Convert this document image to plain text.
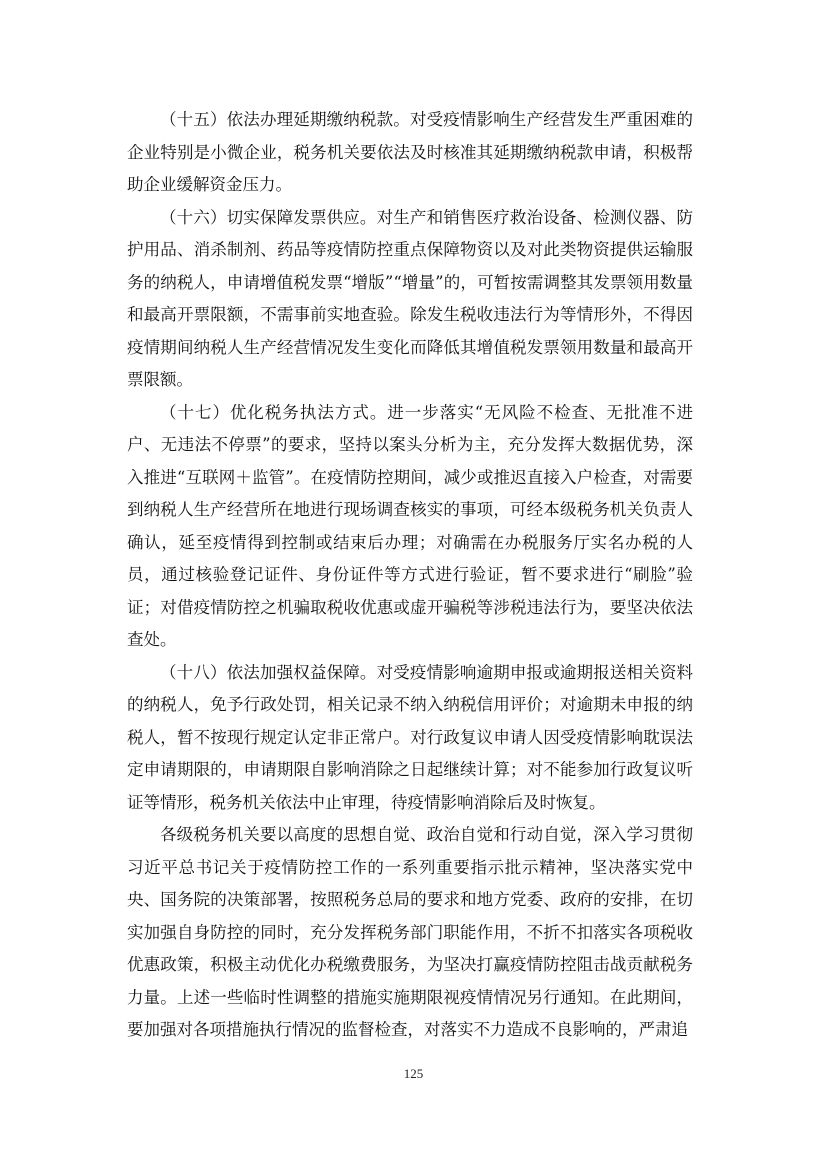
（十五）依法办理延期缴纳税款。对受疫情影响生产经营发生严重困难的企业特别是小微企业，税务机关要依法及时核准其延期缴纳税款申请，积极帮助企业缓解资金压力。

（十六）切实保障发票供应。对生产和销售医疗救治设备、检测仪器、防护用品、消杀制剂、药品等疫情防控重点保障物资以及对此类物资提供运输服务的纳税人，申请增值税发票“增版”“增量”的，可暂按需调整其发票领用数量和最高开票限额，不需事前实地查验。除发生税收违法行为等情形外，不得因疫情期间纳税人生产经营情况发生变化而降低其增值税发票领用数量和最高开票限额。

（十七）优化税务执法方式。进一步落实“无风险不检查、无批准不进户、无违法不停票”的要求，坚持以案头分析为主，充分发挥大数据优势，深入推进“互联网＋监管”。在疫情防控期间，减少或推迟直接入户检查，对需要到纳税人生产经营所在地进行现场调查核实的事项，可经本级税务机关负责人确认，延至疫情得到控制或结束后办理；对确需在办税服务厅实名办税的人员，通过核验登记证件、身份证件等方式进行验证，暂不要求进行“刷脸”验证；对借疫情防控之机骗取税收优惠或虚开骗税等涉税违法行为，要坚决依法查处。

（十八）依法加强权益保障。对受疫情影响逾期申报或逾期报送相关资料的纳税人，免予行政处罚，相关记录不纳入纳税信用评价；对逾期未申报的纳税人，暂不按现行规定认定非正常户。对行政复议申请人因受疫情影响耽误法定申请期限的，申请期限自影响消除之日起继续计算；对不能参加行政复议听证等情形，税务机关依法中止审理，待疫情影响消除后及时恢复。

各级税务机关要以高度的思想自觉、政治自觉和行动自觉，深入学习贯彻习近平总书记关于疫情防控工作的一系列重要指示批示精神，坚决落实党中央、国务院的决策部署，按照税务总局的要求和地方党委、政府的安排，在切实加强自身防控的同时，充分发挥税务部门职能作用，不折不扣落实各项税收优惠政策，积极主动优化办税缴费服务，为坚决打赢疫情防控阻击战贡献税务力量。上述一些临时性调整的措施实施期限视疫情情况另行通知。在此期间，要加强对各项措施执行情况的监督检查，对落实不力造成不良影响的，严肃追

125
